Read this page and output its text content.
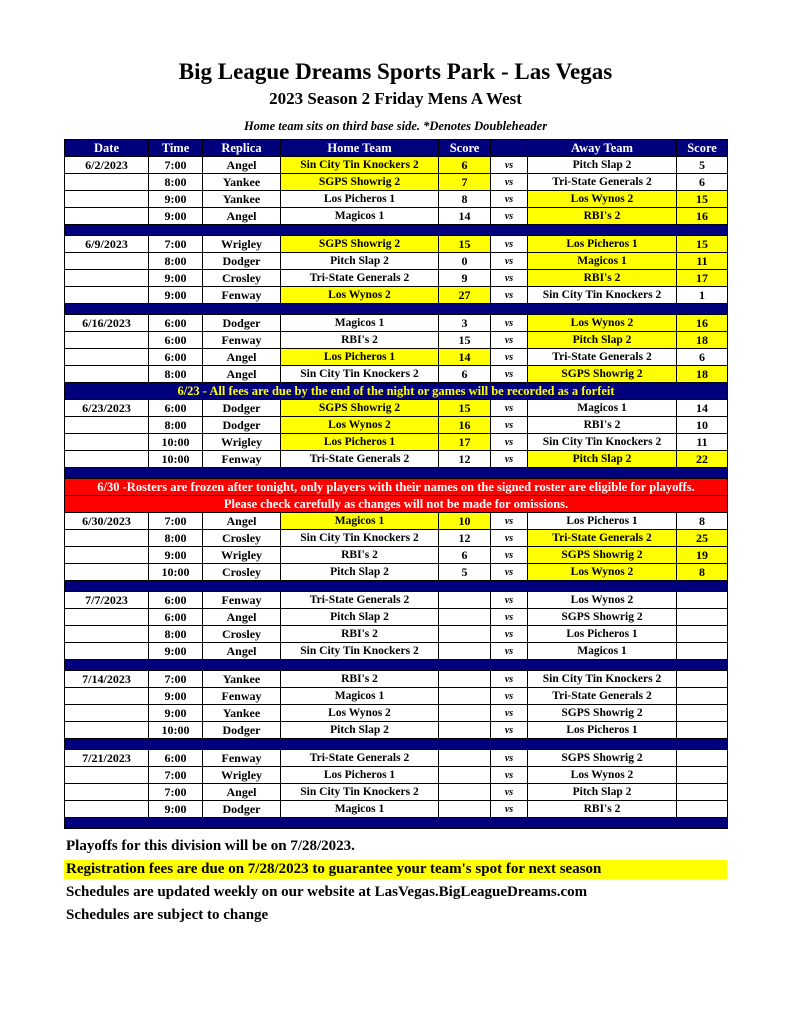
Big League Dreams Sports Park - Las Vegas
2023 Season 2 Friday Mens A West
Home team sits on third base side. *Denotes Doubleheader
Date	Time	Replica	Home Team	Score		Away Team	Score
6/2/2023	7:00	Angel	Sin City Tin Knockers 2	6	vs	Pitch Slap 2	5
	8:00	Yankee	SGPS Showrig 2	7	vs	Tri-State Generals 2	6
	9:00	Yankee	Los Picheros 1	8	vs	Los Wynos 2	15
	9:00	Angel	Magicos 1	14	vs	RBI's 2	16

6/9/2023	7:00	Wrigley	SGPS Showrig 2	15	vs	Los Picheros 1	15
	8:00	Dodger	Pitch Slap 2	0	vs	Magicos 1	11
	9:00	Crosley	Tri-State Generals 2	9	vs	RBI's 2	17
	9:00	Fenway	Los Wynos 2	27	vs	Sin City Tin Knockers 2	1

6/16/2023	6:00	Dodger	Magicos 1	3	vs	Los Wynos 2	16
	6:00	Fenway	RBI's 2	15	vs	Pitch Slap 2	18
	6:00	Angel	Los Picheros 1	14	vs	Tri-State Generals 2	6
	8:00	Angel	Sin City Tin Knockers 2	6	vs	SGPS Showrig 2	18
6/23 - All fees are due by the end of the night or games will be recorded as a forfeit							
6/23/2023	6:00	Dodger	SGPS Showrig 2	15	vs	Magicos 1	14
	8:00	Dodger	Los Wynos 2	16	vs	RBI's 2	10
	10:00	Wrigley	Los Picheros 1	17	vs	Sin City Tin Knockers 2	11
	10:00	Fenway	Tri-State Generals 2	12	vs	Pitch Slap 2	22

6/30 -Rosters are frozen after tonight, only players with their names on the signed roster are eligible for playoffs.							
Please check carefully as changes will not be made for omissions.							
6/30/2023	7:00	Angel	Magicos 1	10	vs	Los Picheros 1	8
	8:00	Crosley	Sin City Tin Knockers 2	12	vs	Tri-State Generals 2	25
	9:00	Wrigley	RBI's 2	6	vs	SGPS Showrig 2	19
	10:00	Crosley	Pitch Slap 2	5	vs	Los Wynos 2	8

7/7/2023	6:00	Fenway	Tri-State Generals 2		vs	Los Wynos 2	
	6:00	Angel	Pitch Slap 2		vs	SGPS Showrig 2	
	8:00	Crosley	RBI's 2		vs	Los Picheros 1	
	9:00	Angel	Sin City Tin Knockers 2		vs	Magicos 1	

7/14/2023	7:00	Yankee	RBI's 2		vs	Sin City Tin Knockers 2	
	9:00	Fenway	Magicos 1		vs	Tri-State Generals 2	
	9:00	Yankee	Los Wynos 2		vs	SGPS Showrig 2	
	10:00	Dodger	Pitch Slap 2		vs	Los Picheros 1	

7/21/2023	6:00	Fenway	Tri-State Generals 2		vs	SGPS Showrig 2	
	7:00	Wrigley	Los Picheros 1		vs	Los Wynos 2	
	7:00	Angel	Sin City Tin Knockers 2		vs	Pitch Slap 2	
	9:00	Dodger	Magicos 1		vs	RBI's 2	

Playoffs for this division will be on 7/28/2023.
Registration fees are due on 7/28/2023 to guarantee your team's spot for next season
Schedules are updated weekly on our website at LasVegas.BigLeagueDreams.com
Schedules are subject to change
